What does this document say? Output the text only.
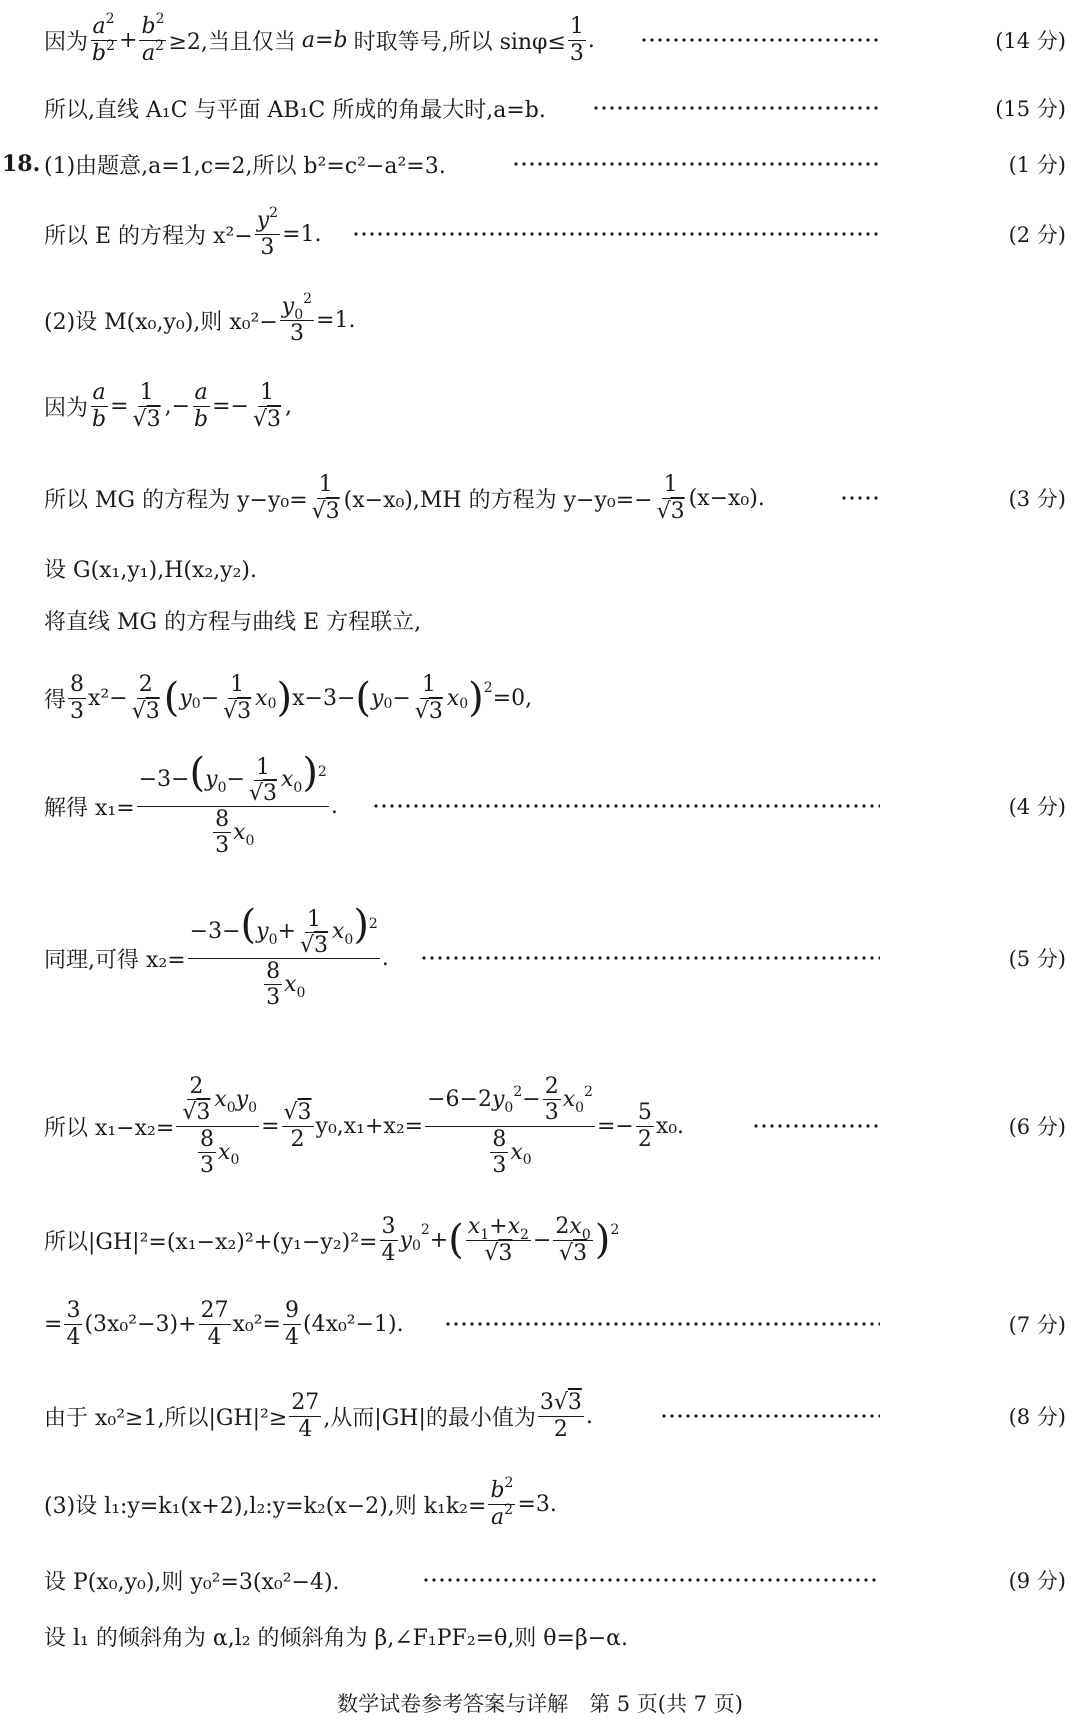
因为
$a^2$
$b^2 + \frac{b^2}{a^2} \ge 2$,当且仅当 a = b 时取等号,所以 $\sin\varphi\le \frac{1}{3}$ .	(14 分)
所以,直线 A₁C 与平面 AB₁C 所成的角最大时,a=b.	(15 分)
18. (1)由题意,a=1,c=2,所以 b²=c²−a²=3.	(1 分)
所以 E 的方程为 $x^2- \frac{y^2}{3} =1$.	(2 分)
(2)设 M(x₀,y₀),则 $x_0^2- \frac{y_0^2}{3} =1$.
因为
a
b
=
1
√3
,− $\frac{a}{b}$ =−
1
√3
,
所以 MG 的方程为 $y-y_0= \frac{1}{√3} (x-x_0),MH$ 的方程为 $y-y_0=- \frac{1}{√3} (x-x_0)$.	(3 分)
设 G(x₁,y₁),H(x₂,y₂).
将直线 MG 的方程与曲线 E 方程联立,
得
8
3
$x^2- \frac{2}{√3}$ ( y 0 −
1
√3
x 0 ) x−3− ( y 0 −
1
√3
x 0 ) 2 =0,
解得 $x_1= \frac{-3-(y_0- \frac{1}{√3} x_0)^2}{\frac{8}{3} x_0}$ .	(4 分)
同理,可得 $x_2= \frac{-3-(y_0+ \frac{1}{√3} x_0)^2}{\frac{8}{3} x_0}$ .	(5 分)
所以 $x_1-x_2= \frac{\frac{2}{√3} x_0y_0}{\frac{8}{3} x_0}$ =
√3
2
$y_0,x_1+x_2= \frac{-6-2y_0^2- \frac{2}{3} x_0^2}{\frac{8}{3} x_0}$ =−
5
2
x₀.	(6 分)
所以$|GH|^2=(x_1-x_2)^2+(y_1-y_2)^2= \frac{3}{4}$ y 0
2 + ( $x_1+x_2$
√3
−
$2x_0$
√3 ) 2
= $\frac{3}{4} (3x_0^2-3)+ \frac{27}{4} x_0^2= \frac{9}{4} (4x_0^2-1)$.	(7 分)
由于 x₀²≥1,所以$|GH|^2\ge \frac{27}{4}$ ,从而|GH|的最小值为
3√3
2
.	(8 分)
(3)设 l₁:y=k₁(x+2),l₂:y=k₂(x−2),则 $k_1k_2= \frac{b^2}{a^2} =3$.
设 P(x₀,y₀),则 y₀²=3(x₀²−4).	(9 分)
设 l₁ 的倾斜角为 α,l₂ 的倾斜角为 β,∠F₁PF₂=θ,则 θ=β−α.
数学试卷参考答案与详解　第 5 页(共 7 页)
